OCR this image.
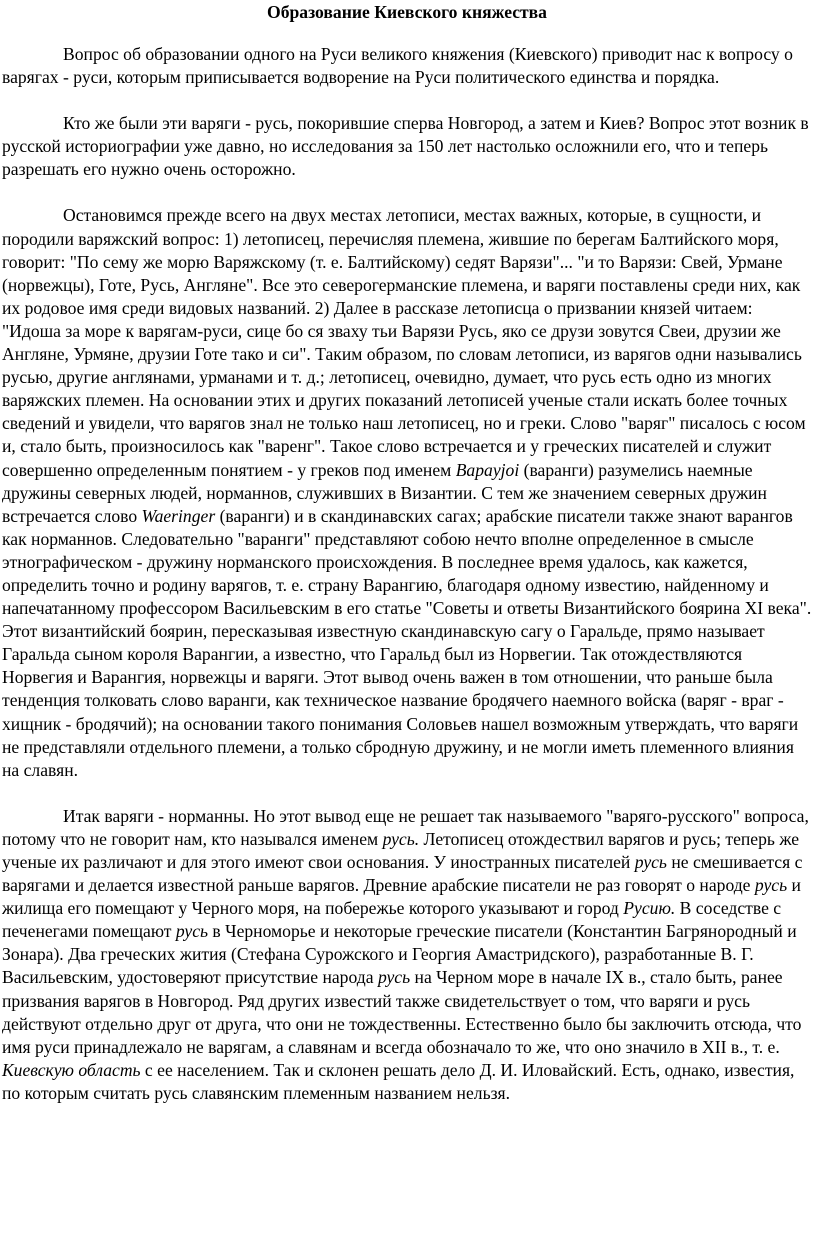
Образование Киевского княжества

Вопрос об образовании одного на Руси великого княжения (Киевского) приводит нас к вопросу о варягах - руси, которым приписывается водворение на Руси политического единства и порядка.

Кто же были эти варяги - русь, покорившие сперва Новгород, а затем и Киев? Вопрос этот возник в русской историографии уже давно, но исследования за 150 лет настолько осложнили его, что и теперь разрешать его нужно очень осторожно.

Остановимся прежде всего на двух местах летописи, местах важных, которые, в сущности, и породили варяжский вопрос: 1) летописец, перечисляя племена, жившие по берегам Балтийского моря, говорит: "По сему же морю Варяжскому (т. е. Балтийскому) седят Варязи"... "и то Варязи: Свей, Урмане (норвежцы), Готе, Русь, Англяне". Все это северогерманские племена, и варяги поставлены среди них, как их родовое имя среди видовых названий. 2) Далее в рассказе летописца о призвании князей читаем: "Идоша за море к варягам-руси, сице бо ся зваху тьи Варязи Русь, яко се друзи зовутся Свеи, друзии же Англяне, Урмяне, друзии Готе тако и си". Таким образом, по словам летописи, из варягов одни назывались русью, другие англянами, урманами и т. д.; летописец, очевидно, думает, что русь есть одно из многих варяжских племен. На основании этих и других показаний летописей ученые стали искать более точных сведений и увидели, что варягов знал не только наш летописец, но и греки. Слово "варяг" писалось с юсом и, стало быть, произносилось как "варенг". Такое слово встречается и у греческих писателей и служит совершенно определенным понятием - у греков под именем Bapayjoi (варанги) разумелись наемные дружины северных людей, норманнов, служивших в Византии. С тем же значением северных дружин встречается слово Waeringer (варанги) и в скандинавских сагах; арабские писатели также знают варангов как норманнов. Следовательно "варанги" представляют собою нечто вполне определенное в смысле этнографическом - дружину норманского происхождения. В последнее время удалось, как кажется, определить точно и родину варягов, т. е. страну Варангию, благодаря одному известию, найденному и напечатанному профессором Васильевским в его статье "Советы и ответы Византийского боярина XI века". Этот византийский боярин, пересказывая известную скандинавскую сагу о Гаральде, прямо называет Гаральда сыном короля Варангии, а известно, что Гаральд был из Норвегии. Так отождествляются Норвегия и Варангия, норвежцы и варяги. Этот вывод очень важен в том отношении, что раньше была тенденция толковать слово варанги, как техническое название бродячего наемного войска (варяг - враг - хищник - бродячий); на основании такого понимания Соловьев нашел возможным утверждать, что варяги не представляли отдельного племени, а только сбродную дружину, и не могли иметь племенного влияния на славян.

Итак варяги - норманны. Но этот вывод еще не решает так называемого "варяго-русского" вопроса, потому что не говорит нам, кто назывался именем русь. Летописец отождествил варягов и русь; теперь же ученые их различают и для этого имеют свои основания. У иностранных писателей русь не смешивается с варягами и делается известной раньше варягов. Древние арабские писатели не раз говорят о народе русь и жилища его помещают у Черного моря, на побережье которого указывают и город Русию. В соседстве с печенегами помещают русь в Черноморье и некоторые греческие писатели (Константин Багрянородный и Зонара). Два греческих жития (Стефана Сурожского и Георгия Амастридского), разработанные В. Г. Васильевским, удостоверяют присутствие народа русь на Черном море в начале IX в., стало быть, ранее призвания варягов в Новгород. Ряд других известий также свидетельствует о том, что варяги и русь действуют отдельно друг от друга, что они не тождественны. Естественно было бы заключить отсюда, что имя руси принадлежало не варягам, а славянам и всегда обозначало то же, что оно значило в XII в., т. е. Киевскую область с ее населением. Так и склонен решать дело Д. И. Иловайский. Есть, однако, известия, по которым считать русь славянским племенным названием нельзя.
